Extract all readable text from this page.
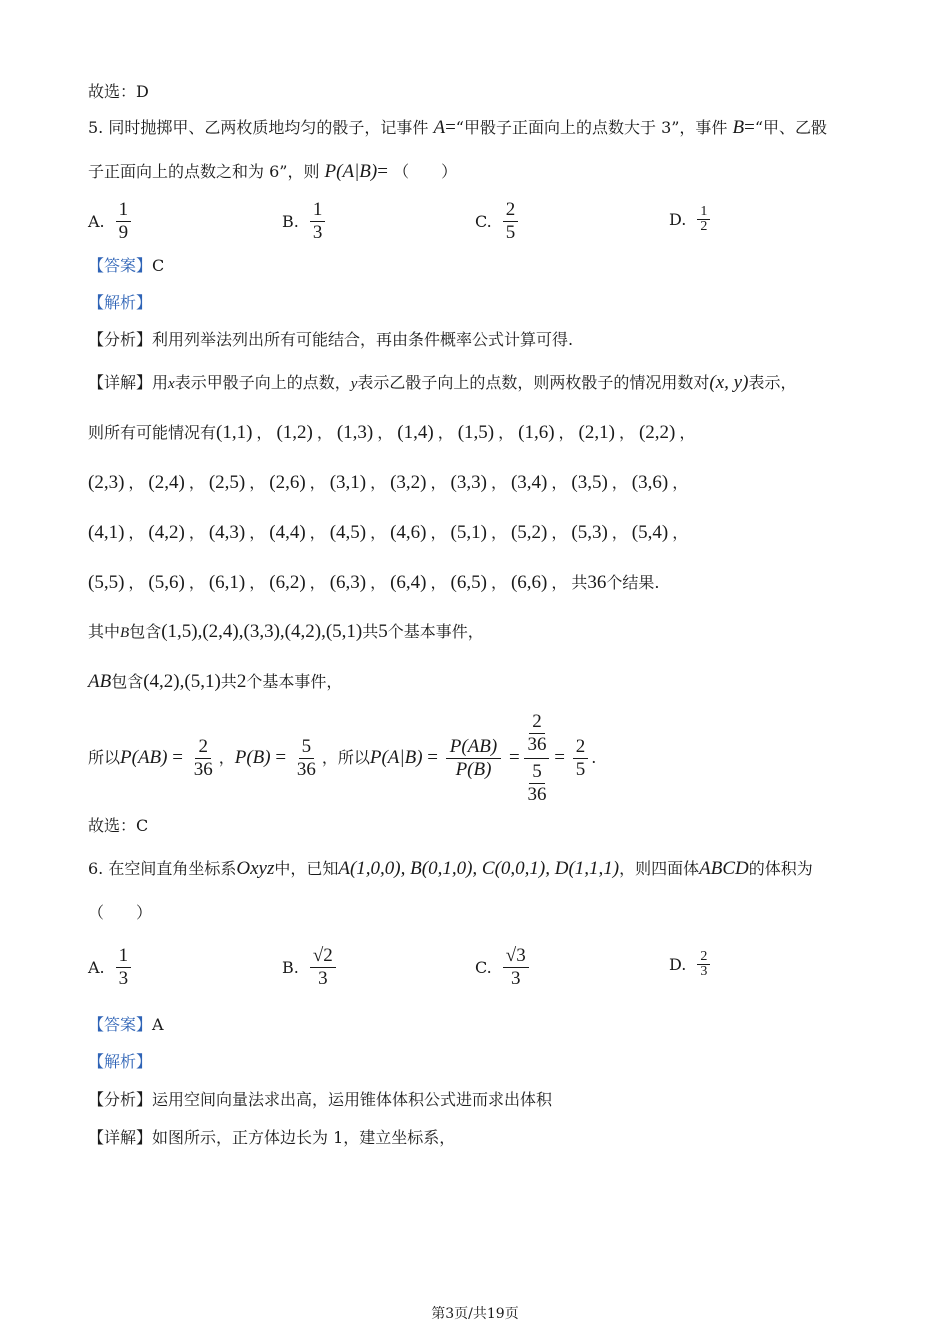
故选：D
5. 同时抛掷甲、乙两枚质地均匀的骰子，记事件 A=“甲骰子正面向上的点数大于 3”，事件 B=“甲、乙骰
子正面向上的点数之和为 6”，则 P(A|B)= （　　）
A. $\frac{1}{9}$	B. $\frac{1}{3}$	C. $\frac{2}{5}$	D. $\frac{1}{2}$
【答案】C
【解析】
【分析】利用列举法列出所有可能结合，再由条件概率公式计算可得.
【详解】用x表示甲骰子向上的点数，y表示乙骰子向上的点数，则两枚骰子的情况用数对(x, y)表示，
则所有可能情况有(1,1) ， (1,2) ， (1,3) ， (1,4) ， (1,5) ， (1,6) ， (2,1) ， (2,2) ，
(2,3) ， (2,4) ， (2,5) ， (2,6) ， (3,1) ， (3,2) ， (3,3) ， (3,4) ， (3,5) ， (3,6) ，
(4,1) ， (4,2) ， (4,3) ， (4,4) ， (4,5) ， (4,6) ， (5,1) ， (5,2) ， (5,3) ， (5,4) ，
(5,5) ， (5,6) ， (6,1) ， (6,2) ， (6,3) ， (6,4) ， (6,5) ， (6,6) ， 共36个结果.
其中B包含(1,5),(2,4),(3,3),(4,2),(5,1)共5个基本事件，
AB包含(4,2),(5,1)共2个基本事件，
所以 $P(AB) = \frac{2}{36}$ ， $P(B) = \frac{5}{36}$ ，所以 $P(A|B) = \frac{P(AB)}{P(B)}$ =
$\frac{2}{36}$
$\frac{5}{36}$
= $\frac{2}{5}$ .
故选：C
6. 在空间直角坐标系Oxyz中，已知A(1,0,0), B(0,1,0), C(0,0,1), D(1,1,1)，则四面体ABCD的体积为
（　　）
A. $\frac{1}{3}$	B. $\frac{√2}{3}$	C. $\frac{√3}{3}$	D. $\frac{2}{3}$
【答案】A
【解析】
【分析】运用空间向量法求出高，运用锥体体积公式进而求出体积
【详解】如图所示，正方体边长为 1，建立坐标系，
第3页/共19页
